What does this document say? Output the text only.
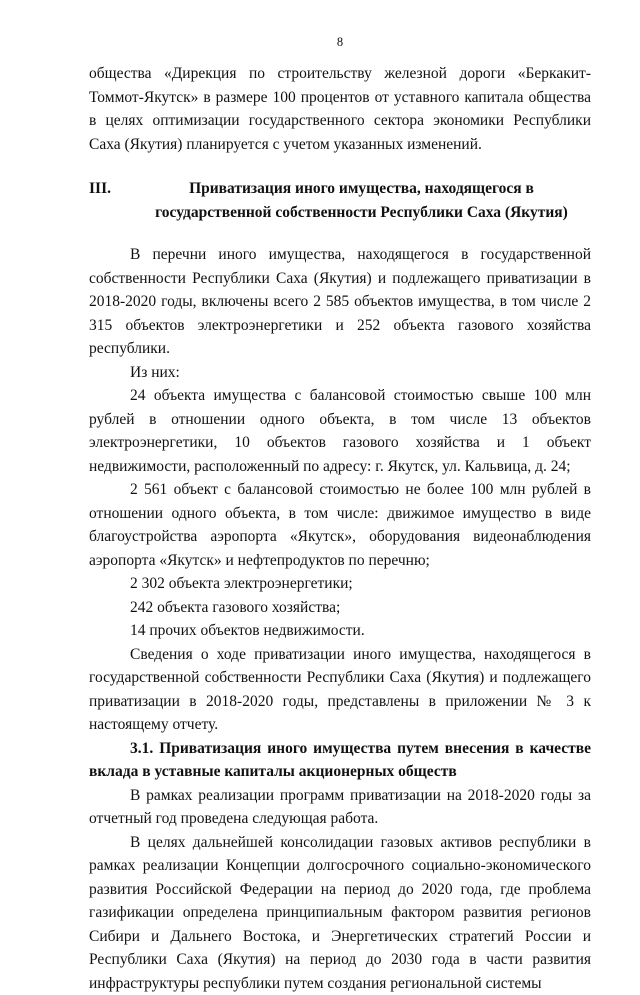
8

общества «Дирекция по строительству железной дороги «Беркакит-Томмот-Якутск» в размере 100 процентов от уставного капитала общества в целях оптимизации государственного сектора экономики Республики Саха (Якутия) планируется с учетом указанных изменений.

III.	Приватизация иного имущества, находящегося в государственной собственности Республики Саха (Якутия)

В перечни иного имущества, находящегося в государственной собственности Республики Саха (Якутия) и подлежащего приватизации в 2018-2020 годы, включены всего 2 585 объектов имущества, в том числе 2 315 объектов электроэнергетики и 252 объекта газового хозяйства республики.

Из них:

24 объекта имущества с балансовой стоимостью свыше 100 млн рублей в отношении одного объекта, в том числе 13 объектов электроэнергетики, 10 объектов газового хозяйства и 1 объект недвижимости, расположенный по адресу: г. Якутск, ул. Кальвица, д. 24;

2 561 объект с балансовой стоимостью не более 100 млн рублей в отношении одного объекта, в том числе: движимое имущество в виде благоустройства аэропорта «Якутск», оборудования видеонаблюдения аэропорта «Якутск» и нефтепродуктов по перечню;

2 302 объекта электроэнергетики;

242 объекта газового хозяйства;

14 прочих объектов недвижимости.

Сведения о ходе приватизации иного имущества, находящегося в государственной собственности Республики Саха (Якутия) и подлежащего приватизации в 2018-2020 годы, представлены в приложении № 3 к настоящему отчету.

3.1. Приватизация иного имущества путем внесения в качестве вклада в уставные капиталы акционерных обществ

В рамках реализации программ приватизации на 2018-2020 годы за отчетный год проведена следующая работа.

В целях дальнейшей консолидации газовых активов республики в рамках реализации Концепции долгосрочного социально-экономического развития Российской Федерации на период до 2020 года, где проблема газификации определена принципиальным фактором развития регионов Сибири и Дальнего Востока, и Энергетических стратегий России и Республики Саха (Якутия) на период до 2030 года в части развития инфраструктуры республики путем создания региональной системы
